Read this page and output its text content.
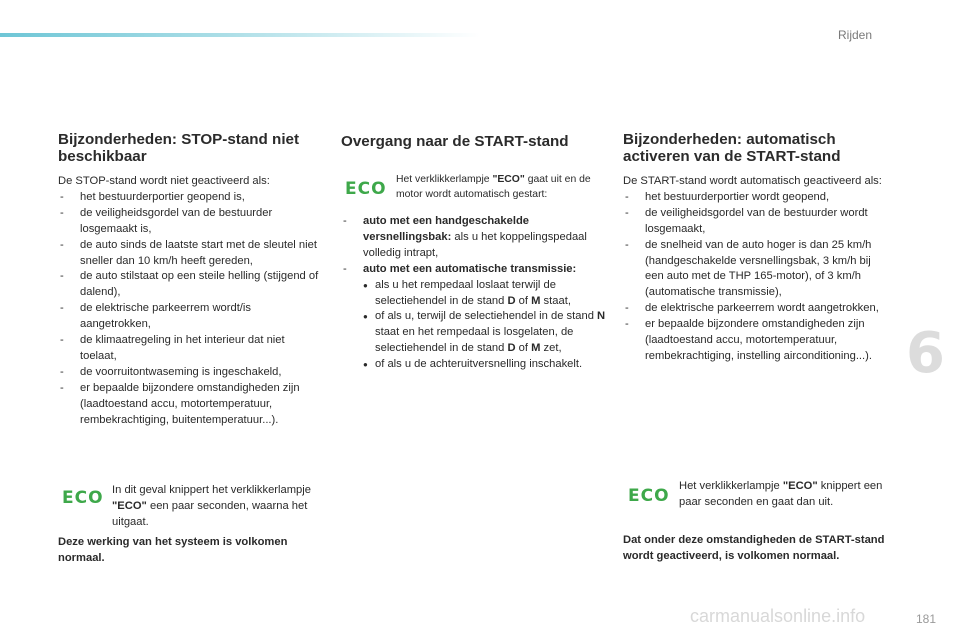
Rijden
6
Bijzonderheden: STOP-stand niet
beschikbaar

De STOP-stand wordt niet geactiveerd als:

- het bestuurderportier geopend is,
- de veiligheidsgordel van de bestuurder losgemaakt is,
- de auto sinds de laatste start met de sleutel niet sneller dan 10 km/h heeft gereden,
- de auto stilstaat op een steile helling (stijgend of dalend),
- de elektrische parkeerrem wordt/is aangetrokken,
- de klimaatregeling in het interieur dat niet toelaat,
- de voorruitontwaseming is ingeschakeld,
- er bepaalde bijzondere omstandigheden zijn (laadtoestand accu, motortemperatuur, rembekrachtiging, buitentemperatuur...).
ECO In dit geval knippert het verklikkerlampje "ECO" een paar seconden, waarna het uitgaat.
Deze werking van het systeem is volkomen normaal.
Overgang naar de START-stand
ECO Het verklikkerlampje "ECO" gaat uit en de motor wordt automatisch gestart:
- auto met een handgeschakelde versnellingsbak: als u het koppelingspedaal volledig intrapt,
- auto met een automatische transmissie:
● als u het rempedaal loslaat terwijl de selectiehendel in de stand D of M staat,
● of als u, terwijl de selectiehendel in de stand N staat en het rempedaal is losgelaten, de selectiehendel in de stand D of M zet,
● of als u de achteruitversnelling inschakelt.
Bijzonderheden: automatisch
activeren van de START-stand

De START-stand wordt automatisch geactiveerd als:

- het bestuurderportier wordt geopend,
- de veiligheidsgordel van de bestuurder wordt losgemaakt,
- de snelheid van de auto hoger is dan 25 km/h (handgeschakelde versnellingsbak, 3 km/h bij een auto met de THP 165-motor), of 3 km/h (automatische transmissie),
- de elektrische parkeerrem wordt aangetrokken,
- er bepaalde bijzondere omstandigheden zijn (laadtoestand accu, motortemperatuur, rembekrachtiging, instelling airconditioning...).
ECO Het verklikkerlampje "ECO" knippert een paar seconden en gaat dan uit.
Dat onder deze omstandigheden de START-stand wordt geactiveerd, is volkomen normaal.
carmanualsonline.info	181
